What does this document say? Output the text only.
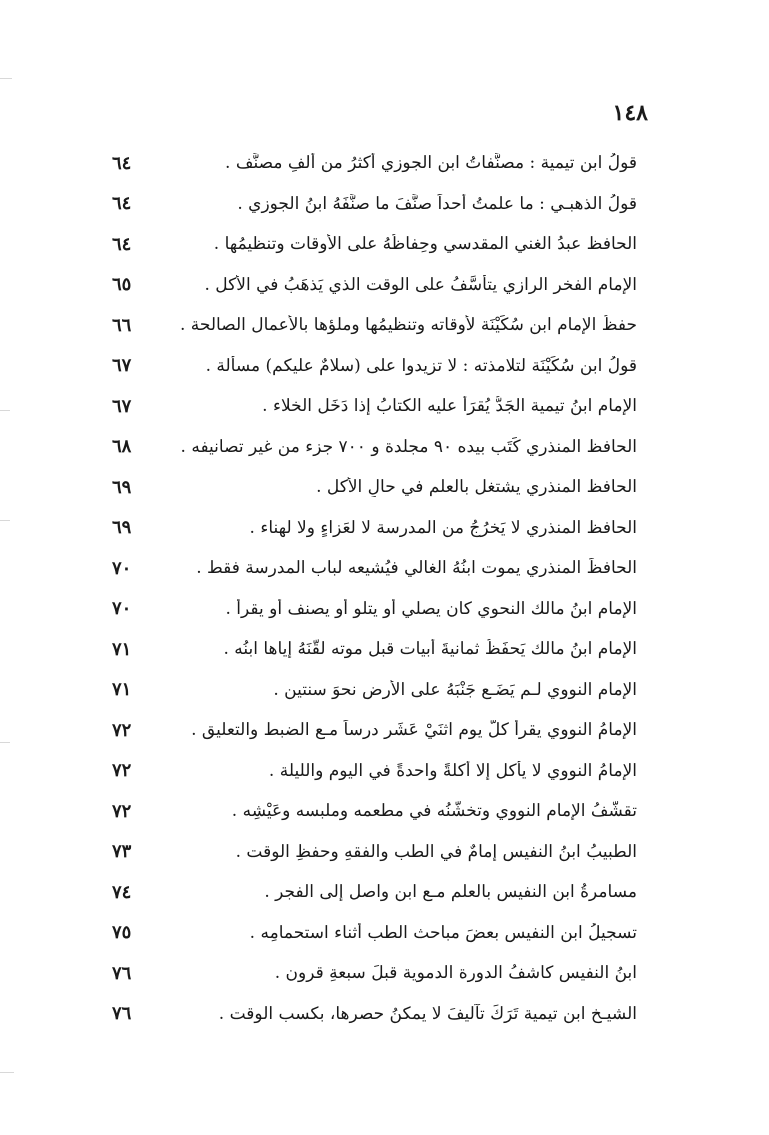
١٤٨
٦٤	قولُ ابن تيمية : مصنَّفاتُ ابن الجوزي أكثرُ من ألفِ مصنَّف .
٦٤	قولُ الذهبـي : ما علمتُ أحداً صنَّفَ ما صنَّفَهُ ابنُ الجوزي .
٦٤	الحافظ عبدُ الغني المقدسي وحِفاظُهُ على الأوقات وتنظيمُها .
٦٥	الإمام الفخر الرازي يتأسَّفُ على الوقت الذي يَذهَبُ في الأكل .
٦٦	حفظُ الإمام ابن سُكَيْنَة لأوقاته وتنظيمُها وملؤها بالأعمال الصالحة .
٦٧	قولُ ابن سُكَيْنَة لتلامذته : لا تزيدوا على (سلامٌ عليكم) مسألة .
٦٧	الإمام ابنُ تيمية الجَدُّ يُقرَأُ عليه الكتابُ إذا دَخَل الخلاء .
٦٨	الحافظ المنذري كَتَب بيده ٩٠ مجلدة و ٧٠٠ جزء من غير تصانيفه .
٦٩	الحافظ المنذري يشتغل بالعلم في حالِ الأكل .
٦٩	الحافظ المنذري لا يَخرُجُ من المدرسة لا لعَزاءٍ ولا لهناء .
٧٠	الحافظَ المنذري يموت ابنُهُ الغالي فيُشيعه لباب المدرسة فقط .
٧٠	الإمام ابنُ مالك النحوي كان يصلي أو يتلو أو يصنف أو يقرأ .
٧١	الإمام ابنُ مالك يَحفَظُ ثمانيةَ أبيات قبل موته لقَّنَهُ إياها ابنُه .
٧١	الإمام النووي لـم يَضَـع جَنْبَهُ على الأرض نحوَ سنتين .
٧٢	الإمامُ النووي يقرأ كلَّ يوم اثنَيْ عَشَر درساً مـع الضبط والتعليق .
٧٢	الإمامُ النووي لا يأكل إلا أكلةً واحدةً في اليوم والليلة .
٧٢	تقشُّفُ الإمام النووي وتخشُّنُه في مطعمه وملبسه وعَيْشِه .
٧٣	الطبيبُ ابنُ النفيس إمامٌ في الطب والفقهِ وحفظِ الوقت .
٧٤	مسامرةُ ابن النفيس بالعلم مـع ابن واصل إلى الفجر .
٧٥	تسجيلُ ابن النفيس بعضَ مباحث الطب أثناء استحمامِه .
٧٦	ابنُ النفيس كاشفُ الدورة الدموية قبلَ سبعةِ قرون .
٧٦	الشيـخ ابن تيمية تَرَكَ تآليفَ لا يمكنُ حصرها، بكسب الوقت .
